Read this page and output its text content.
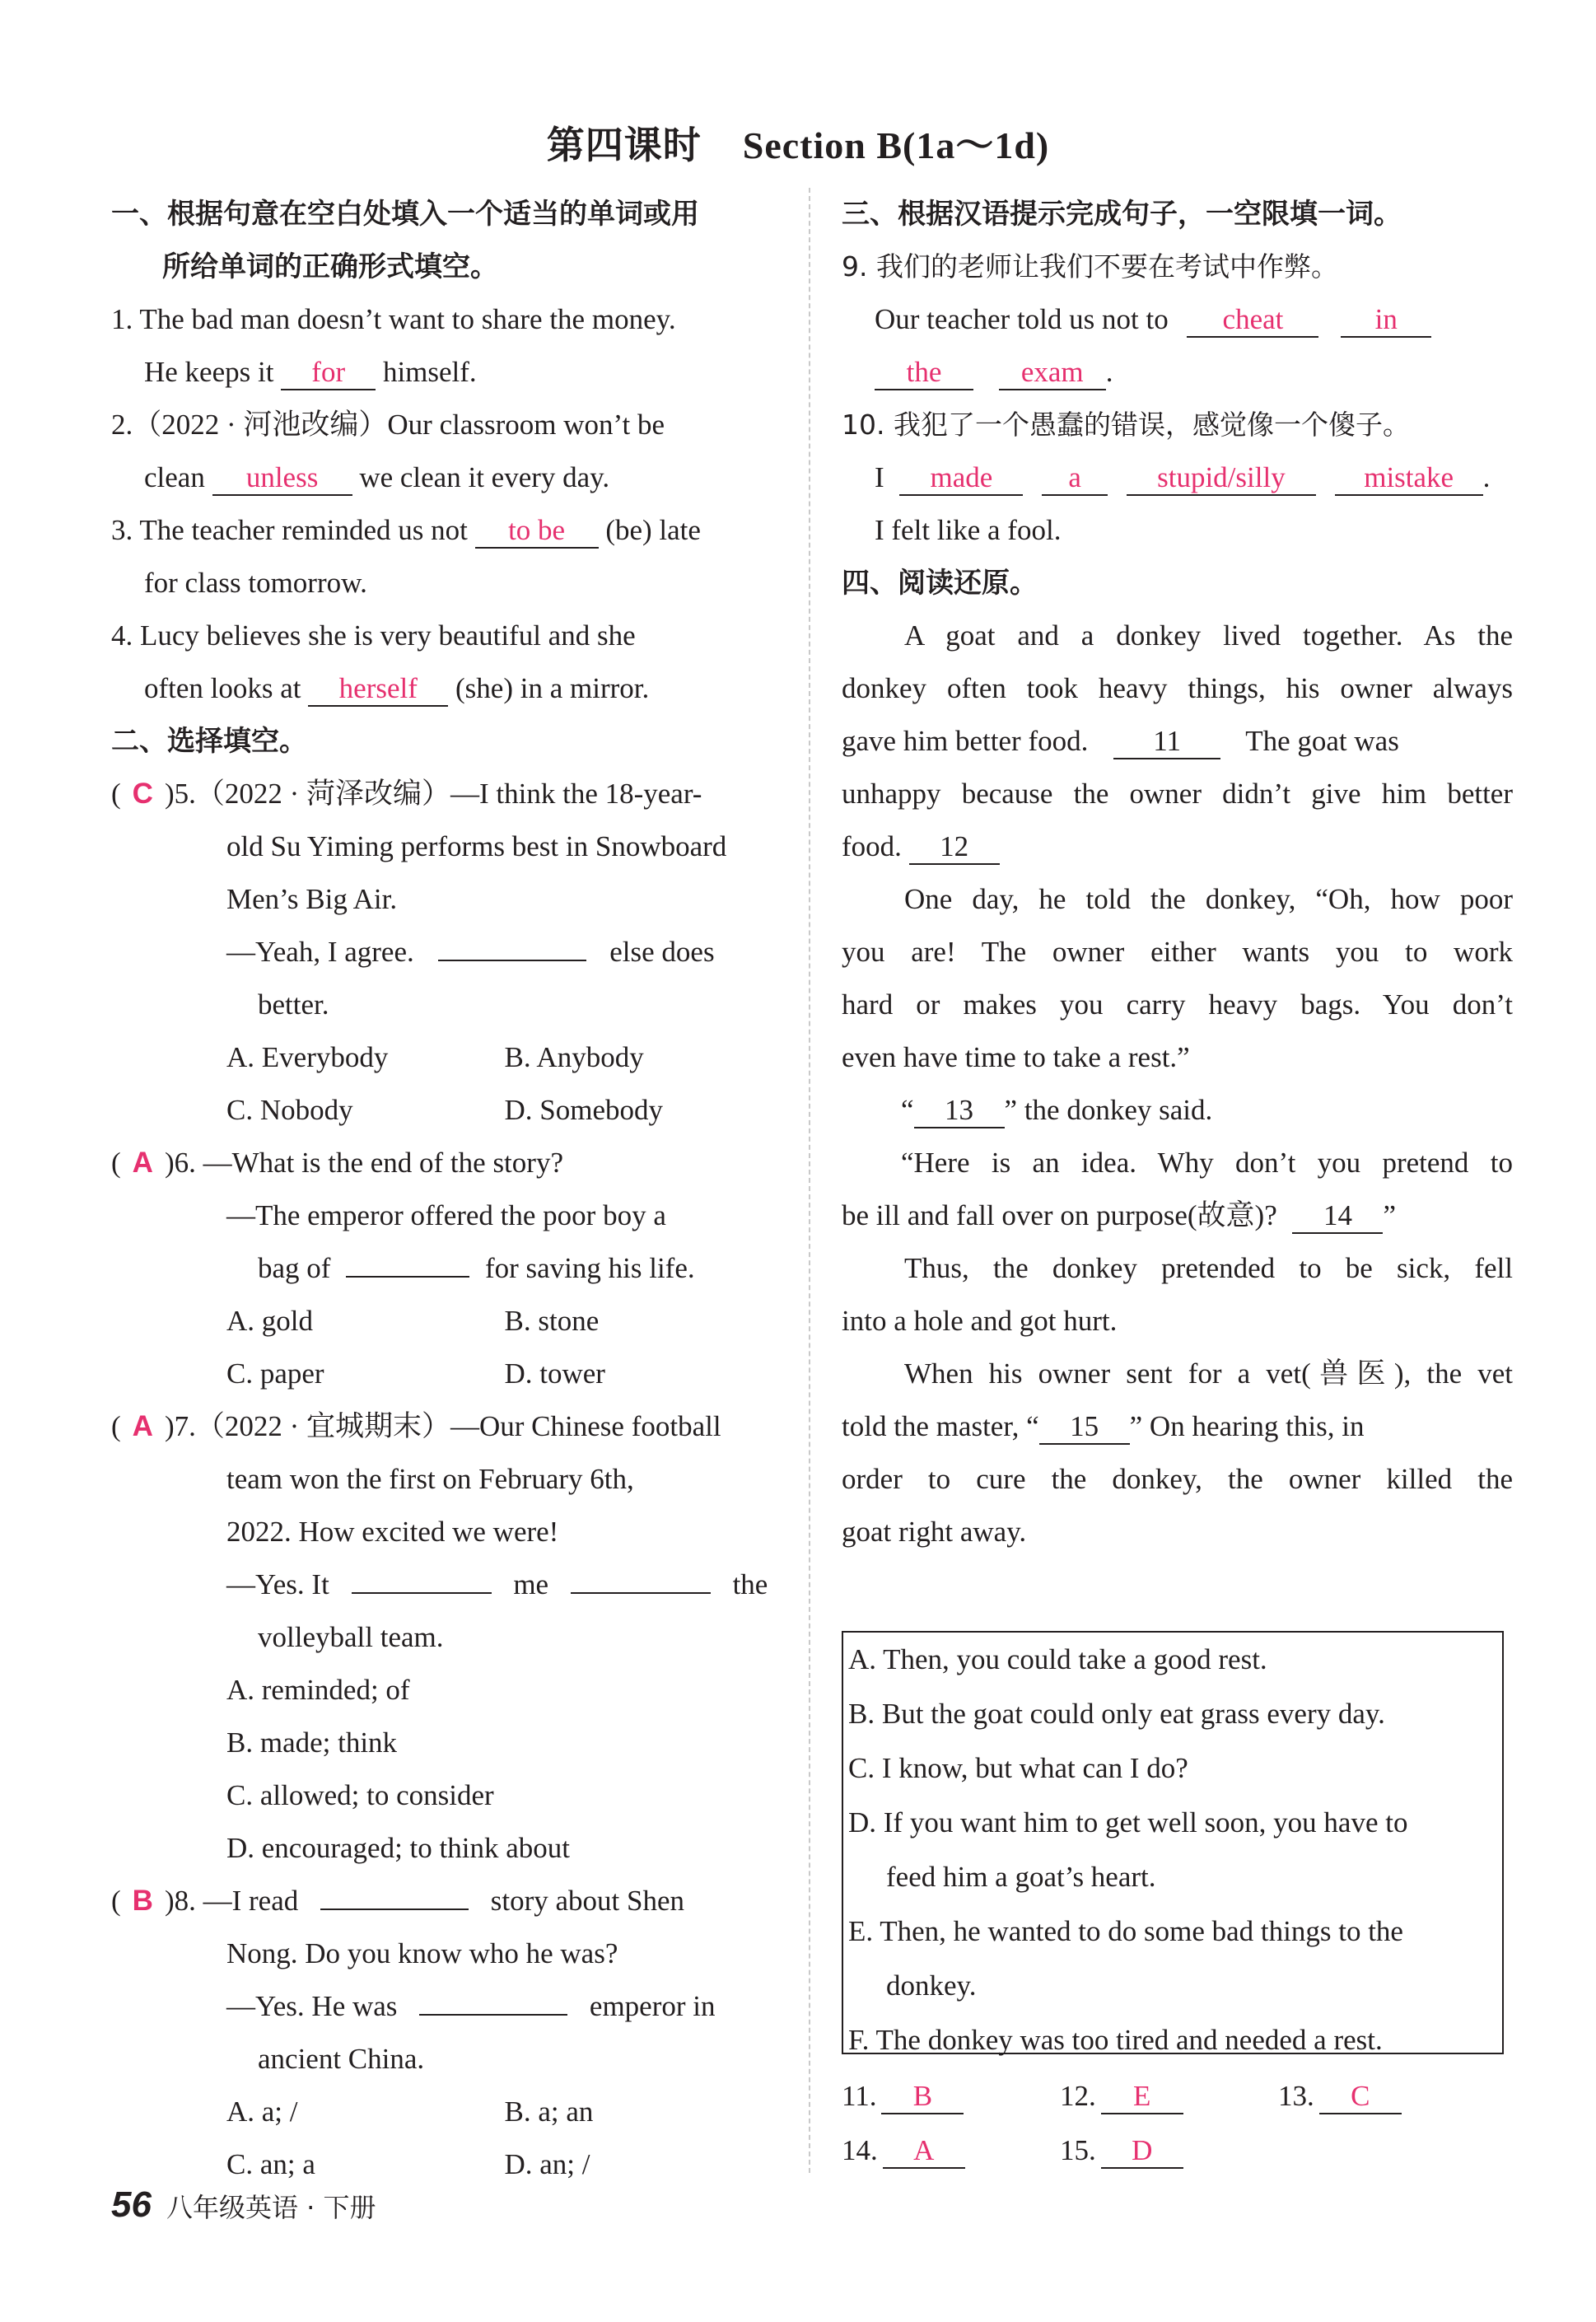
第四课时 Section B(1a～1d)
一、根据句意在空白处填入一个适当的单词或用
所给单词的正确形式填空。
1. The bad man doesn’t want to share the money.
He keeps it for himself.
2.（2022 · 河池改编）Our classroom won’t be
clean unless we clean it every day.
3. The teacher reminded us not to be (be) late
for class tomorrow.
4. Lucy believes she is very beautiful and she
often looks at herself (she) in a mirror.
二、选择填空。
( C )5.（2022 · 菏泽改编）—I think the 18-year-
old Su Yiming performs best in Snowboard
Men’s Big Air.
—Yeah, I agree.	else does
better.
A. Everybody	B. Anybody
C. Nobody	D. Somebody
( A )6. —What is the end of the story?
—The emperor offered the poor boy a
bag of	for saving his life.
A. gold	B. stone
C. paper	D. tower
( A )7.（2022 · 宜城期末）—Our Chinese football
team won the first on February 6th,
2022. How excited we were!
—Yes. It	me	the
volleyball team.
A. reminded; of
B. made; think
C. allowed; to consider
D. encouraged; to think about
( B )8. —I read	story about Shen
Nong. Do you know who he was?
—Yes. He was	emperor in
ancient China.
A. a; /	B. a; an
C. an; a	D. an; /
三、根据汉语提示完成句子，一空限填一词。
9. 我们的老师让我们不要在考试中作弊。
Our teacher told us not to cheat	in
the	exam .
10. 我犯了一个愚蠢的错误，感觉像一个傻子。
I made	a	stupid/silly	mistake .
I felt like a fool.
四、阅读还原。
A goat and a donkey lived together. As the
donkey often took heavy things, his owner always
gave him better food. 11 The goat was
unhappy because the owner didn’t give him better
food. 12
One day, he told the donkey, “Oh, how poor
you are! The owner either wants you to work
hard or makes you carry heavy bags. You don’t
even have time to take a rest.”
“ 13 ” the donkey said.
“Here is an idea. Why don’t you pretend to
be ill and fall over on purpose(故意)? 14 ”
Thus, the donkey pretended to be sick, fell
into a hole and got hurt.
When his owner sent for a vet(兽医), the vet
told the master, “ 15 ” On hearing this, in
order to cure the donkey, the owner killed the
goat right away.
A. Then, you could take a good rest.
B. But the goat could only eat grass every day.
C. I know, but what can I do?
D. If you want him to get well soon, you have to
feed him a goat’s heart.
E. Then, he wanted to do some bad things to the
donkey.
F. The donkey was too tired and needed a rest.
11. B	12. E	13. C
14. A	15. D
56 八年级英语 · 下册
